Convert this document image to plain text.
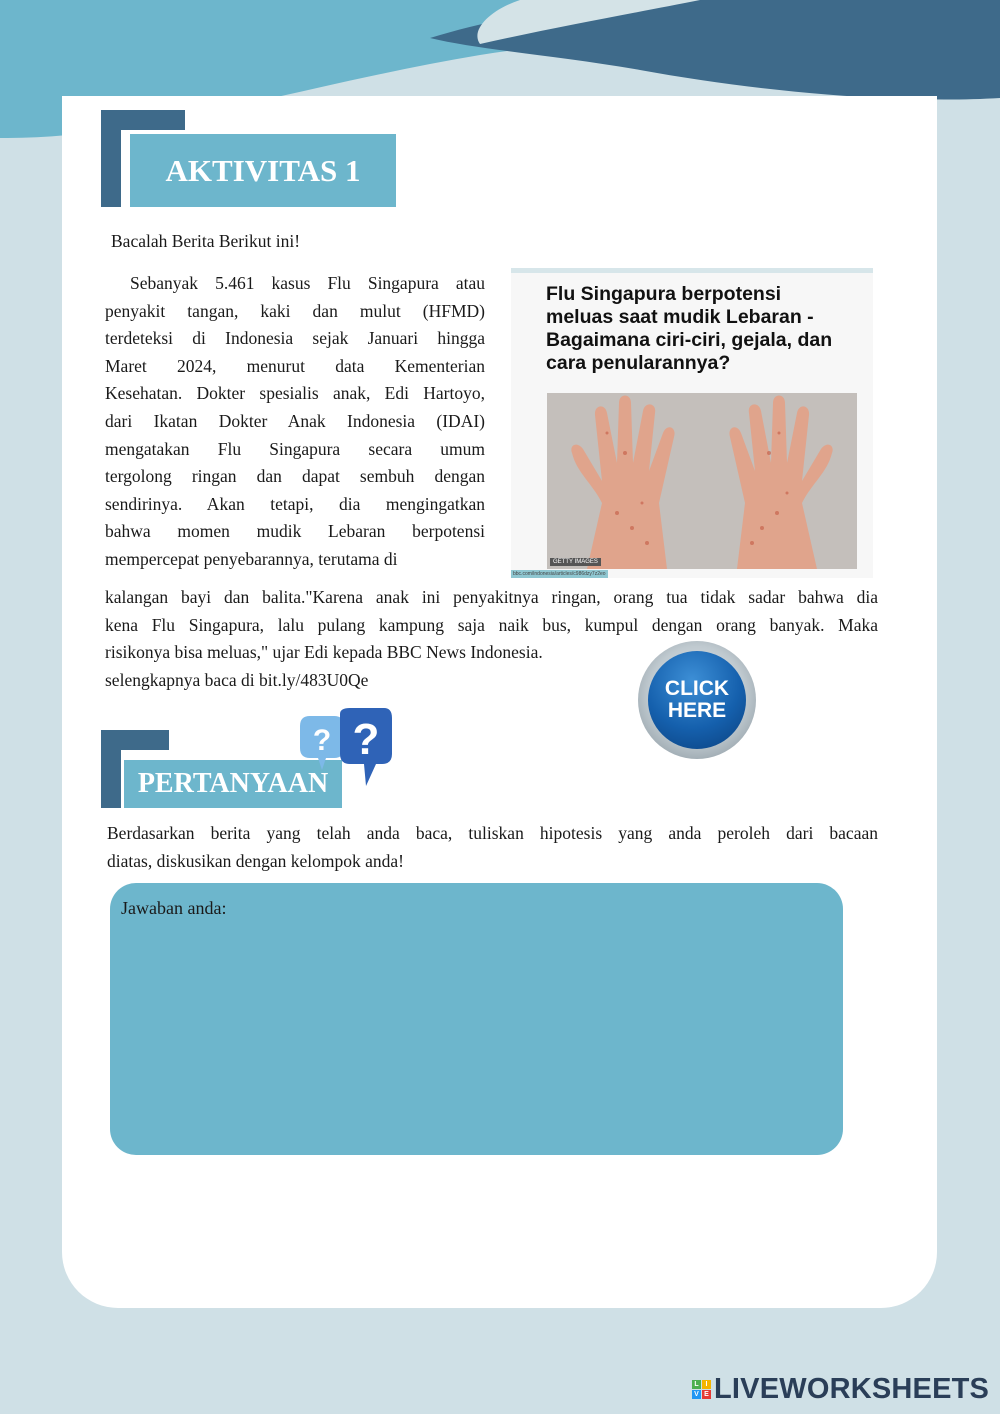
AKTIVITAS 1
Bacalah Berita Berikut ini!
Sebanyak 5.461 kasus Flu Singapura atau
penyakit tangan, kaki dan mulut (HFMD)
terdeteksi di Indonesia sejak Januari hingga
Maret 2024, menurut data Kementerian
Kesehatan. Dokter spesialis anak, Edi Hartoyo,
dari Ikatan Dokter Anak Indonesia (IDAI)
mengatakan Flu Singapura secara umum
tergolong ringan dan dapat sembuh dengan
sendirinya. Akan tetapi, dia mengingatkan
bahwa momen mudik Lebaran berpotensi
mempercepat penyebarannya, terutama di
Flu Singapura berpotensi meluas saat mudik Lebaran - Bagaimana ciri-ciri, gejala, dan cara penularannya?
GETTY IMAGES
bbc.com/indonesia/articles/c986dzy7z2eo
kalangan bayi dan balita."Karena anak ini penyakitnya ringan, orang tua tidak sadar bahwa dia
kena Flu Singapura, lalu pulang kampung saja naik bus, kumpul dengan orang banyak. Maka
risikonya bisa meluas," ujar Edi kepada BBC News Indonesia.
selengkapnya baca di bit.ly/483U0Qe	CLICK
HERE
PERTANYAAN
? ?
Berdasarkan berita yang telah anda baca, tuliskan hipotesis yang anda peroleh dari bacaan
diatas, diskusikan dengan kelompok anda!
Jawaban anda:
L I
V E LIVEWORKSHEETS
